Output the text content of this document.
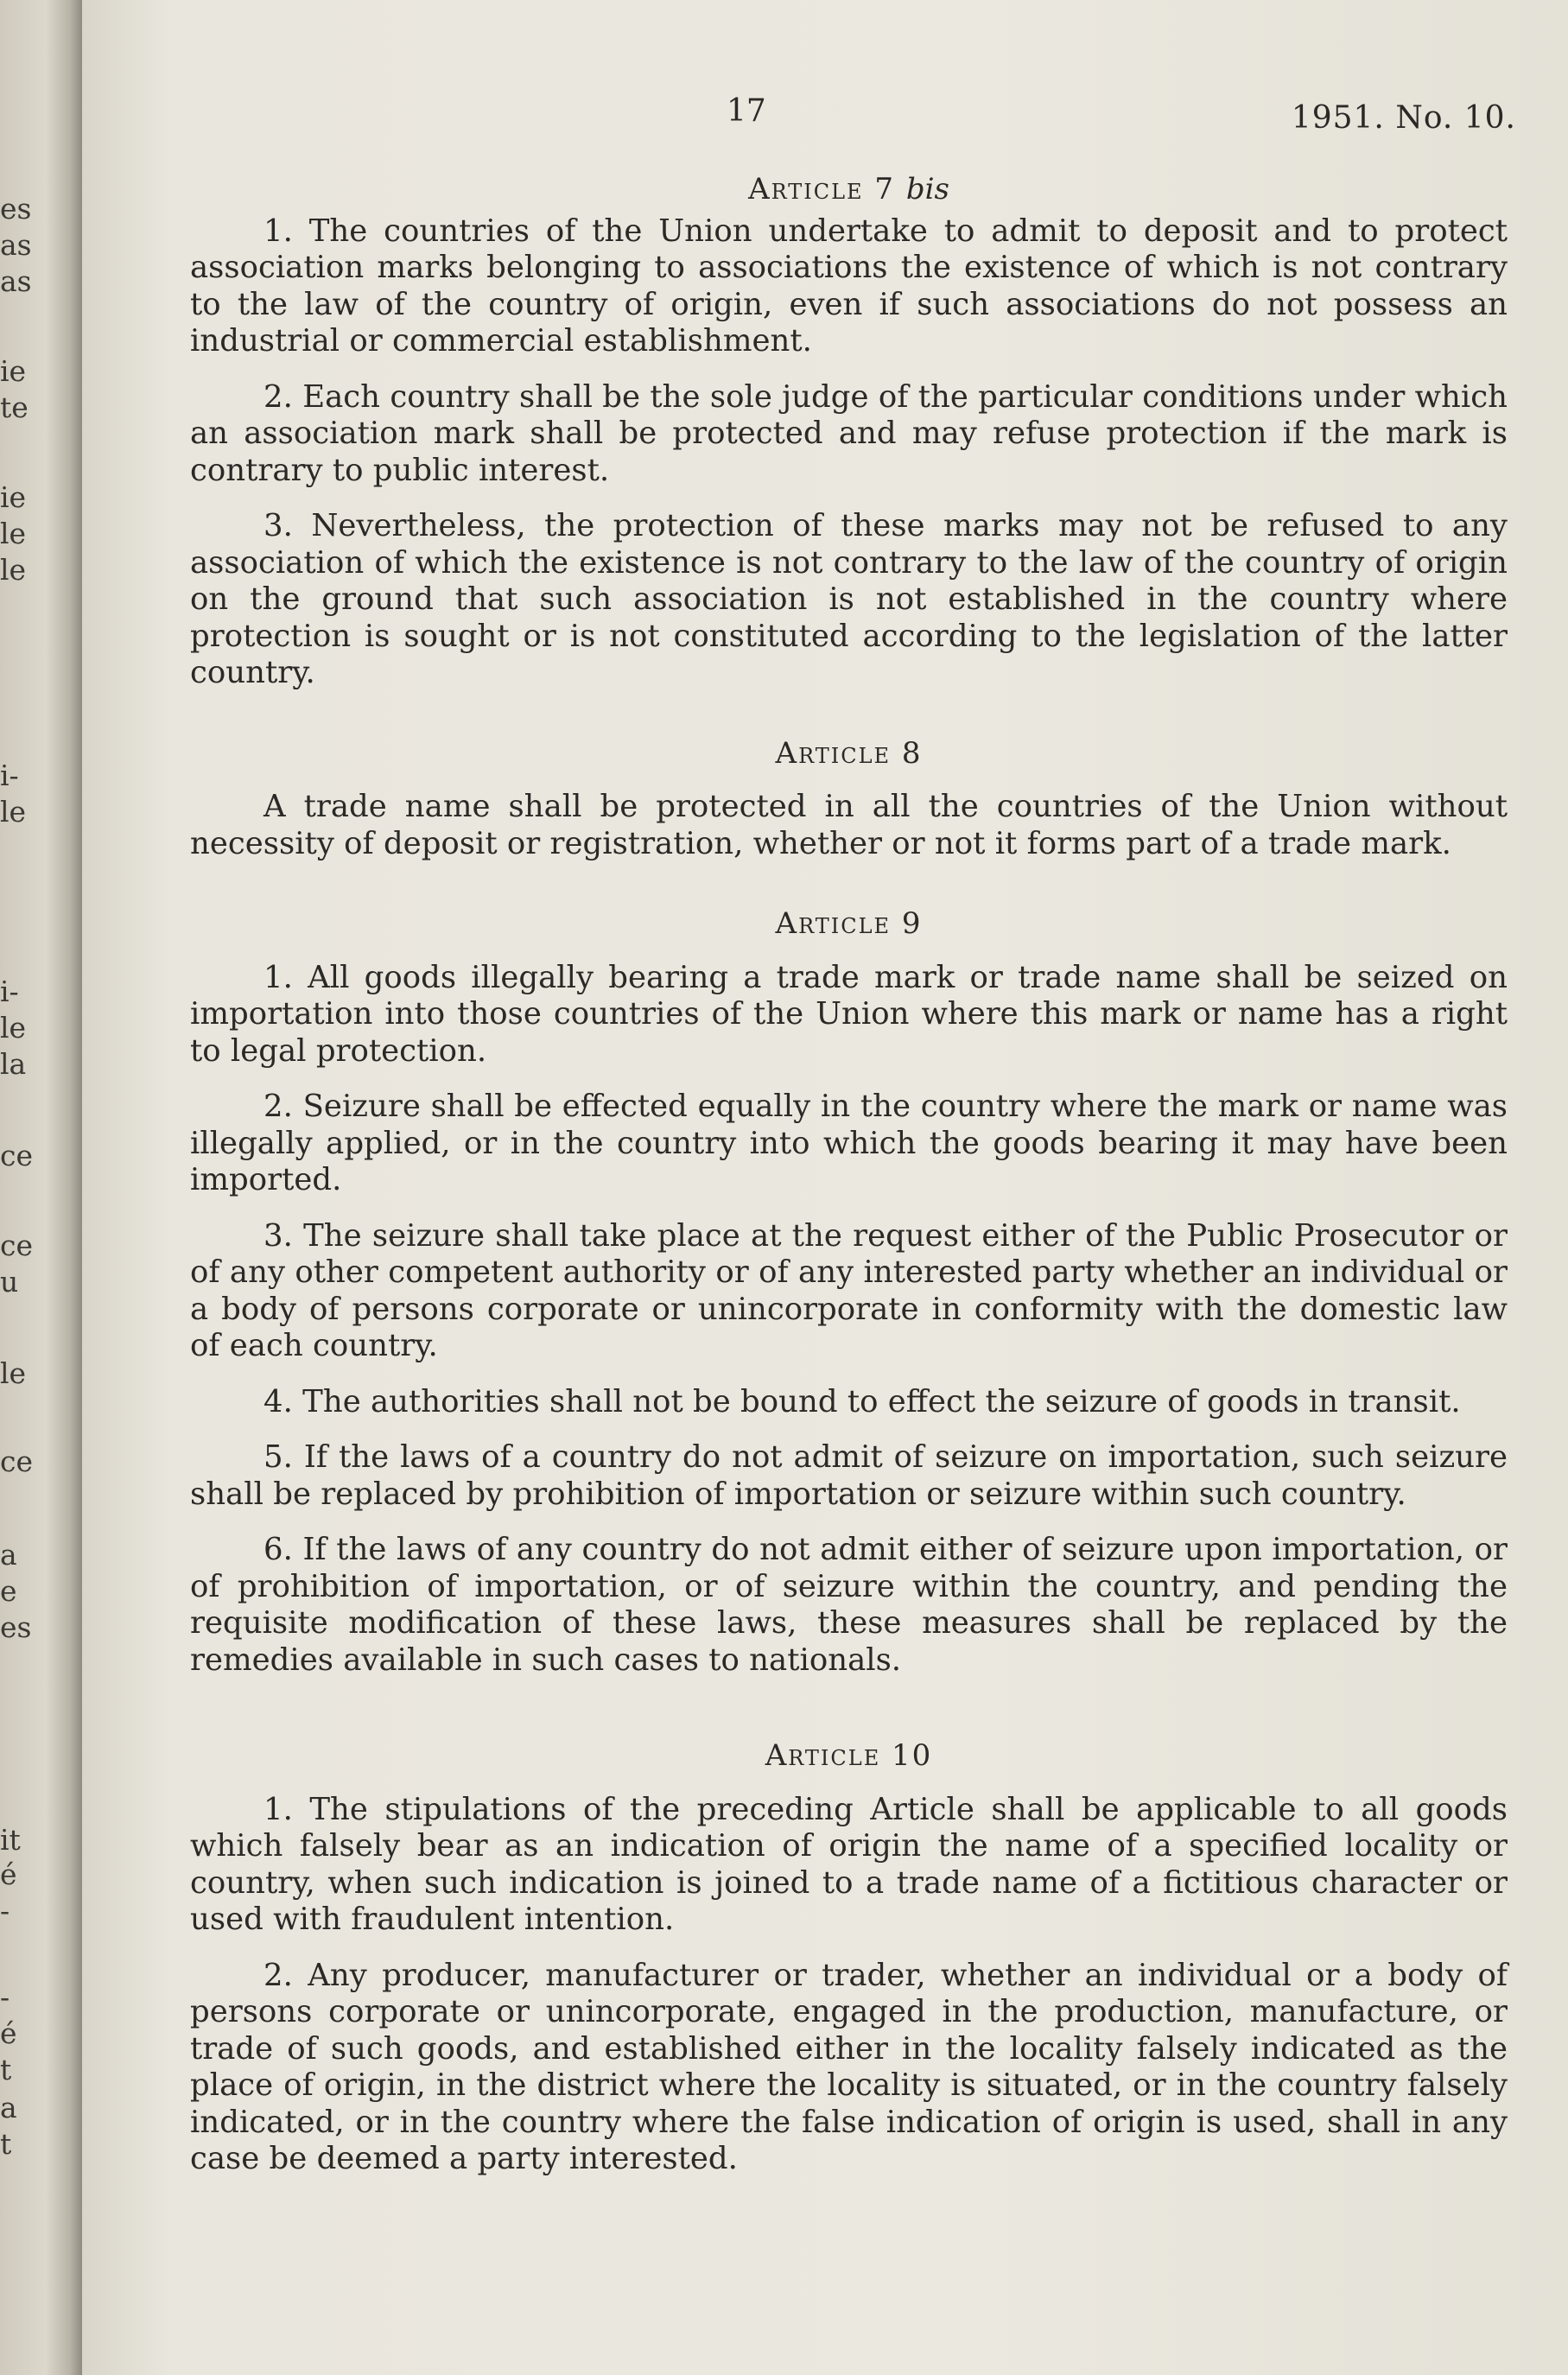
es
as
as
ie
te
ie
le
le
i-
le
i-
le
la
ce
ce
u
le
ce
a
e
es
it
é
-
-
é
t
a
t
17	1951. No. 10.
Article 7 bis

1. The countries of the Union undertake to admit to deposit and to protect association marks belonging to associations the existence of which is not contrary to the law of the country of origin, even if such associations do not possess an industrial or commercial establishment.

2. Each country shall be the sole judge of the particular conditions under which an association mark shall be protected and may refuse protection if the mark is contrary to public interest.

3. Nevertheless, the protection of these marks may not be refused to any association of which the existence is not contrary to the law of the country of origin on the ground that such association is not established in the country where protection is sought or is not constituted according to the legislation of the latter country.

Article 8

A trade name shall be protected in all the countries of the Union without necessity of deposit or registration, whether or not it forms part of a trade mark.

Article 9

1. All goods illegally bearing a trade mark or trade name shall be seized on importation into those countries of the Union where this mark or name has a right to legal protection.

2. Seizure shall be effected equally in the country where the mark or name was illegally applied, or in the country into which the goods bearing it may have been imported.

3. The seizure shall take place at the request either of the Public Prosecutor or of any other competent authority or of any interested party whether an individual or a body of persons corporate or unincorporate in conformity with the domestic law of each country.

4. The authorities shall not be bound to effect the seizure of goods in transit.

5. If the laws of a country do not admit of seizure on importation, such seizure shall be replaced by prohibition of importation or seizure within such country.

6. If the laws of any country do not admit either of seizure upon importation, or of prohibition of importation, or of seizure within the country, and pending the requisite modification of these laws, these measures shall be replaced by the remedies available in such cases to nationals.

Article 10

1. The stipulations of the preceding Article shall be applicable to all goods which falsely bear as an indication of origin the name of a specified locality or country, when such indication is joined to a trade name of a fictitious character or used with fraudulent intention.

2. Any producer, manufacturer or trader, whether an individual or a body of persons corporate or unincorporate, engaged in the production, manufacture, or trade of such goods, and established either in the locality falsely indicated as the place of origin, in the district where the locality is situated, or in the country falsely indicated, or in the country where the false indication of origin is used, shall in any case be deemed a party interested.
